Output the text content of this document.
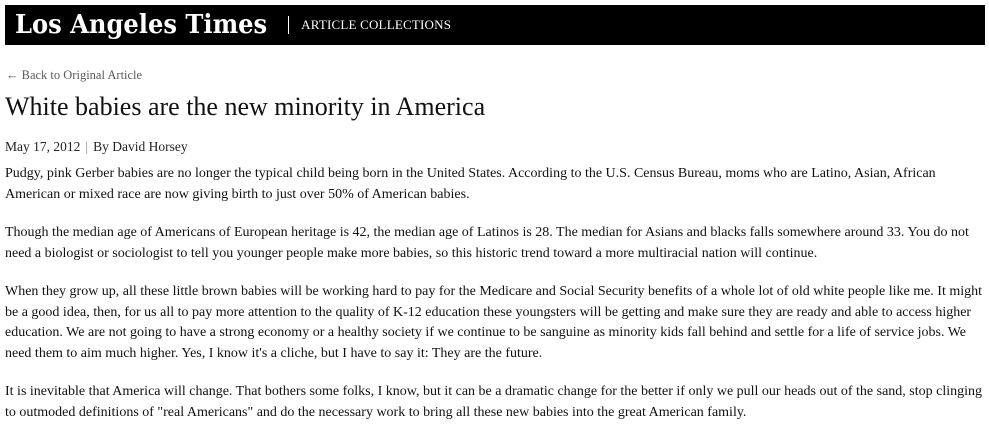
Los Angeles Times	ARTICLE COLLECTIONS
← Back to Original Article
White babies are the new minority in America
May 17, 2012 | By David Horsey

Pudgy, pink Gerber babies are no longer the typical child being born in the United States. According to the U.S. Census Bureau, moms who are Latino, Asian, African American or mixed race are now giving birth to just over 50% of American babies.

Though the median age of Americans of European heritage is 42, the median age of Latinos is 28. The median for Asians and blacks falls somewhere around 33. You do not need a biologist or sociologist to tell you younger people make more babies, so this historic trend toward a more multiracial nation will continue.

When they grow up, all these little brown babies will be working hard to pay for the Medicare and Social Security benefits of a whole lot of old white people like me. It might be a good idea, then, for us all to pay more attention to the quality of K-12 education these youngsters will be getting and make sure they are ready and able to access higher education. We are not going to have a strong economy or a healthy society if we continue to be sanguine as minority kids fall behind and settle for a life of service jobs. We need them to aim much higher. Yes, I know it's a cliche, but I have to say it: They are the future.

It is inevitable that America will change. That bothers some folks, I know, but it can be a dramatic change for the better if only we pull our heads out of the sand, stop clinging to outmoded definitions of "real Americans" and do the necessary work to bring all these new babies into the great American family.
